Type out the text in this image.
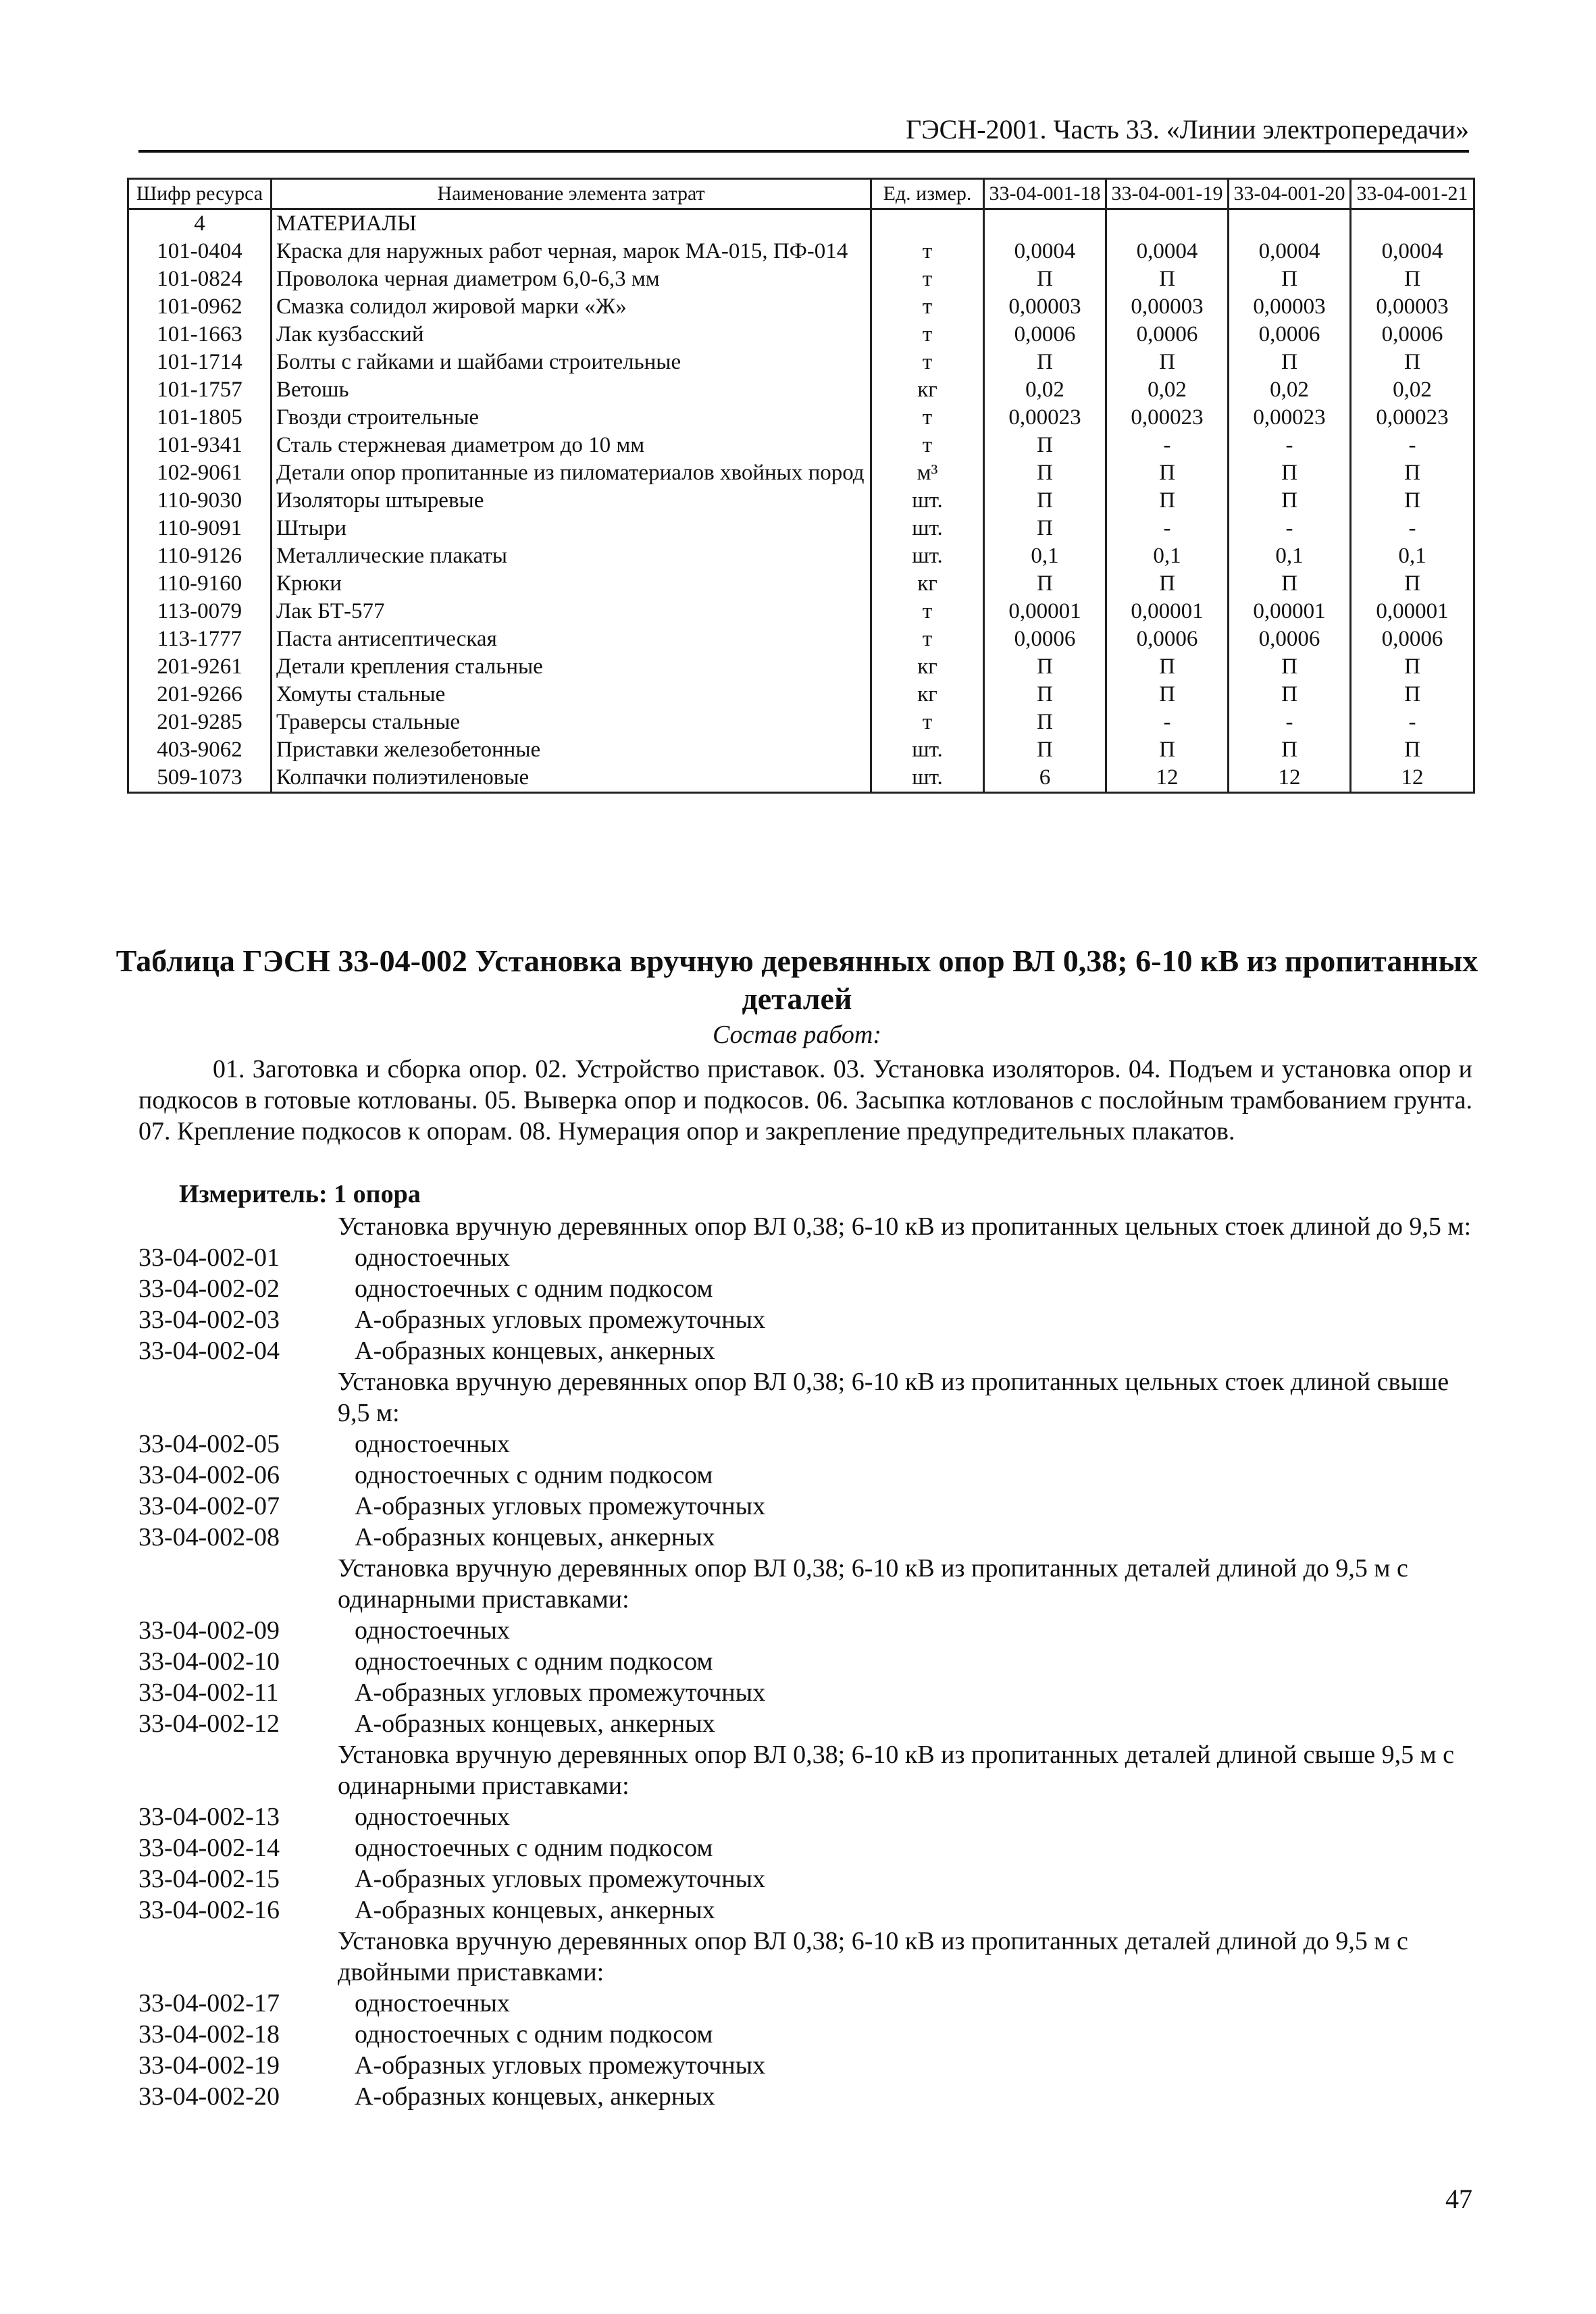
ГЭСН-2001. Часть 33. «Линии электропередачи»
Шифр ресурса	Наименование элемента затрат	Ед. измер.	33-04-001-18	33-04-001-19	33-04-001-20	33-04-001-21
4	МАТЕРИАЛЫ					
101-0404	Краска для наружных работ черная, марок МА-015, ПФ-014	т	0,0004	0,0004	0,0004	0,0004
101-0824	Проволока черная диаметром 6,0-6,3 мм	т	П	П	П	П
101-0962	Смазка солидол жировой марки «Ж»	т	0,00003	0,00003	0,00003	0,00003
101-1663	Лак кузбасский	т	0,0006	0,0006	0,0006	0,0006
101-1714	Болты с гайками и шайбами строительные	т	П	П	П	П
101-1757	Ветошь	кг	0,02	0,02	0,02	0,02
101-1805	Гвозди строительные	т	0,00023	0,00023	0,00023	0,00023
101-9341	Сталь стержневая диаметром до 10 мм	т	П	-	-	-
102-9061	Детали опор пропитанные из пиломатериалов хвойных пород	м³	П	П	П	П
110-9030	Изоляторы штыревые	шт.	П	П	П	П
110-9091	Штыри	шт.	П	-	-	-
110-9126	Металлические плакаты	шт.	0,1	0,1	0,1	0,1
110-9160	Крюки	кг	П	П	П	П
113-0079	Лак БТ-577	т	0,00001	0,00001	0,00001	0,00001
113-1777	Паста антисептическая	т	0,0006	0,0006	0,0006	0,0006
201-9261	Детали крепления стальные	кг	П	П	П	П
201-9266	Хомуты стальные	кг	П	П	П	П
201-9285	Траверсы стальные	т	П	-	-	-
403-9062	Приставки железобетонные	шт.	П	П	П	П
509-1073	Колпачки полиэтиленовые	шт.	6	12	12	12
Таблица ГЭСН 33-04-002 Установка вручную деревянных опор ВЛ 0,38; 6-10 кВ из пропитанных деталей
Состав работ:
01. Заготовка и сборка опор. 02. Устройство приставок. 03. Установка изоляторов. 04. Подъем и установка опор и подкосов в готовые котлованы. 05. Выверка опор и подкосов. 06. Засыпка котлованов с послойным трамбованием грунта. 07. Крепление подкосов к опорам. 08. Нумерация опор и закрепление предупредительных плакатов.
Измеритель: 1 опора
Установка вручную деревянных опор ВЛ 0,38; 6-10 кВ из пропитанных цельных стоек длиной до 9,5 м:
33-04-002-01	одностоечных
33-04-002-02	одностоечных с одним подкосом
33-04-002-03	А-образных угловых промежуточных
33-04-002-04	А-образных концевых, анкерных
Установка вручную деревянных опор ВЛ 0,38; 6-10 кВ из пропитанных цельных стоек длиной свыше 9,5 м:
33-04-002-05	одностоечных
33-04-002-06	одностоечных с одним подкосом
33-04-002-07	А-образных угловых промежуточных
33-04-002-08	А-образных концевых, анкерных
Установка вручную деревянных опор ВЛ 0,38; 6-10 кВ из пропитанных деталей длиной до 9,5 м с одинарными приставками:
33-04-002-09	одностоечных
33-04-002-10	одностоечных с одним подкосом
33-04-002-11	А-образных угловых промежуточных
33-04-002-12	А-образных концевых, анкерных
Установка вручную деревянных опор ВЛ 0,38; 6-10 кВ из пропитанных деталей длиной свыше 9,5 м с одинарными приставками:
33-04-002-13	одностоечных
33-04-002-14	одностоечных с одним подкосом
33-04-002-15	А-образных угловых промежуточных
33-04-002-16	А-образных концевых, анкерных
Установка вручную деревянных опор ВЛ 0,38; 6-10 кВ из пропитанных деталей длиной до 9,5 м с двойными приставками:
33-04-002-17	одностоечных
33-04-002-18	одностоечных с одним подкосом
33-04-002-19	А-образных угловых промежуточных
33-04-002-20	А-образных концевых, анкерных
47
